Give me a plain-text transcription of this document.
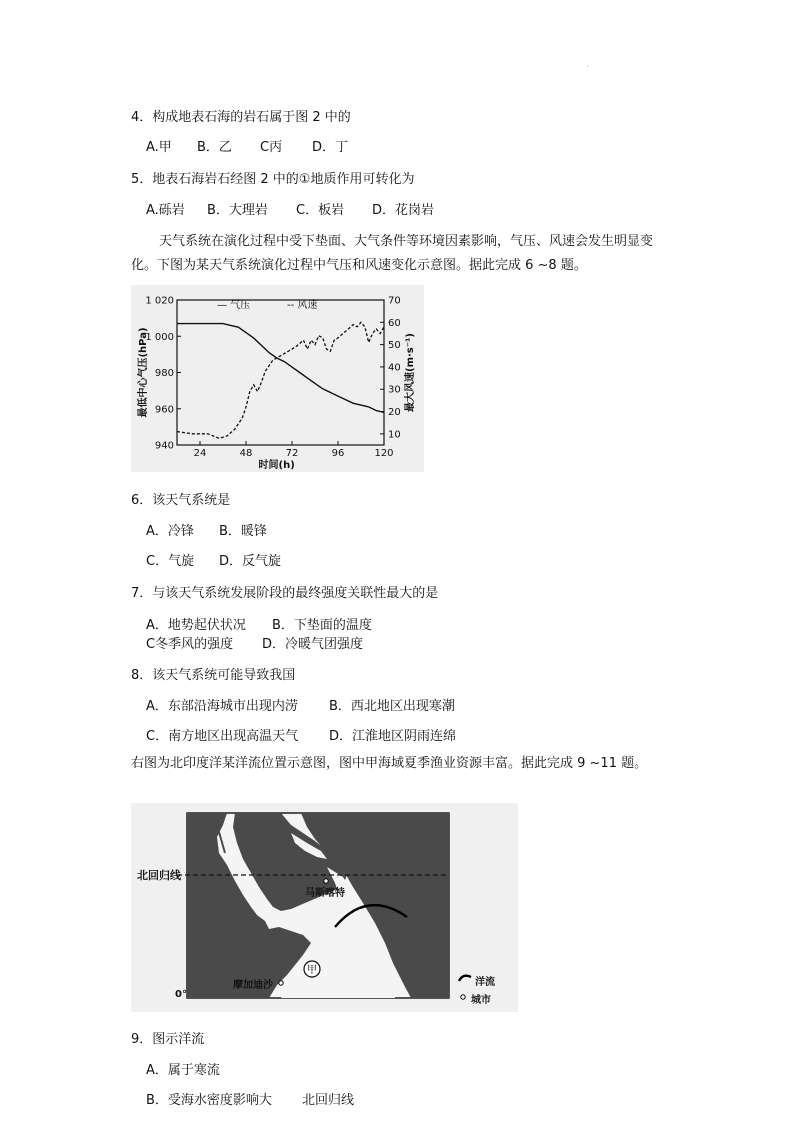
·
4．构成地表石海的岩石属于图 2 中的
A.甲 B．乙 C丙 D．丁
5．地表石海岩石经图 2 中的①地质作用可转化为
A.砾岩 B．大理岩 C．板岩 D．花岗岩
天气系统在演化过程中受下垫面、大气条件等环境因素影响，气压、风速会发生明显变
化。下图为某天气系统演化过程中气压和风速变化示意图。据此完成 6 ~8 题。
1 020
1 000
980
960
940
70
60
50
40
30
20
10
24	48	72	96	120
时间(h)
最低中心气压(hPa)	最大风速(m·s⁻¹)
— 气压	-- 风速
6．该天气系统是
A．冷锋 B．暖锋
C．气旋 D．反气旋
7．与该天气系统发展阶段的最终强度关联性最大的是
A．地势起伏状况 B．下垫面的温度
C冬季风的强度 D．冷暖气团强度
8．该天气系统可能导致我国
A．东部沿海城市出现内涝 B．西北地区出现寒潮
C．南方地区出现高温天气 D．江淮地区阴雨连绵
右图为北印度洋某洋流位置示意图，图中甲海域夏季渔业资源丰富。据此完成 9 ~11 题。
北回归线
0°
马斯喀特
摩加迪沙
甲
洋流
城市
9．图示洋流
A．属于寒流
B．受海水密度影响大 北回归线
